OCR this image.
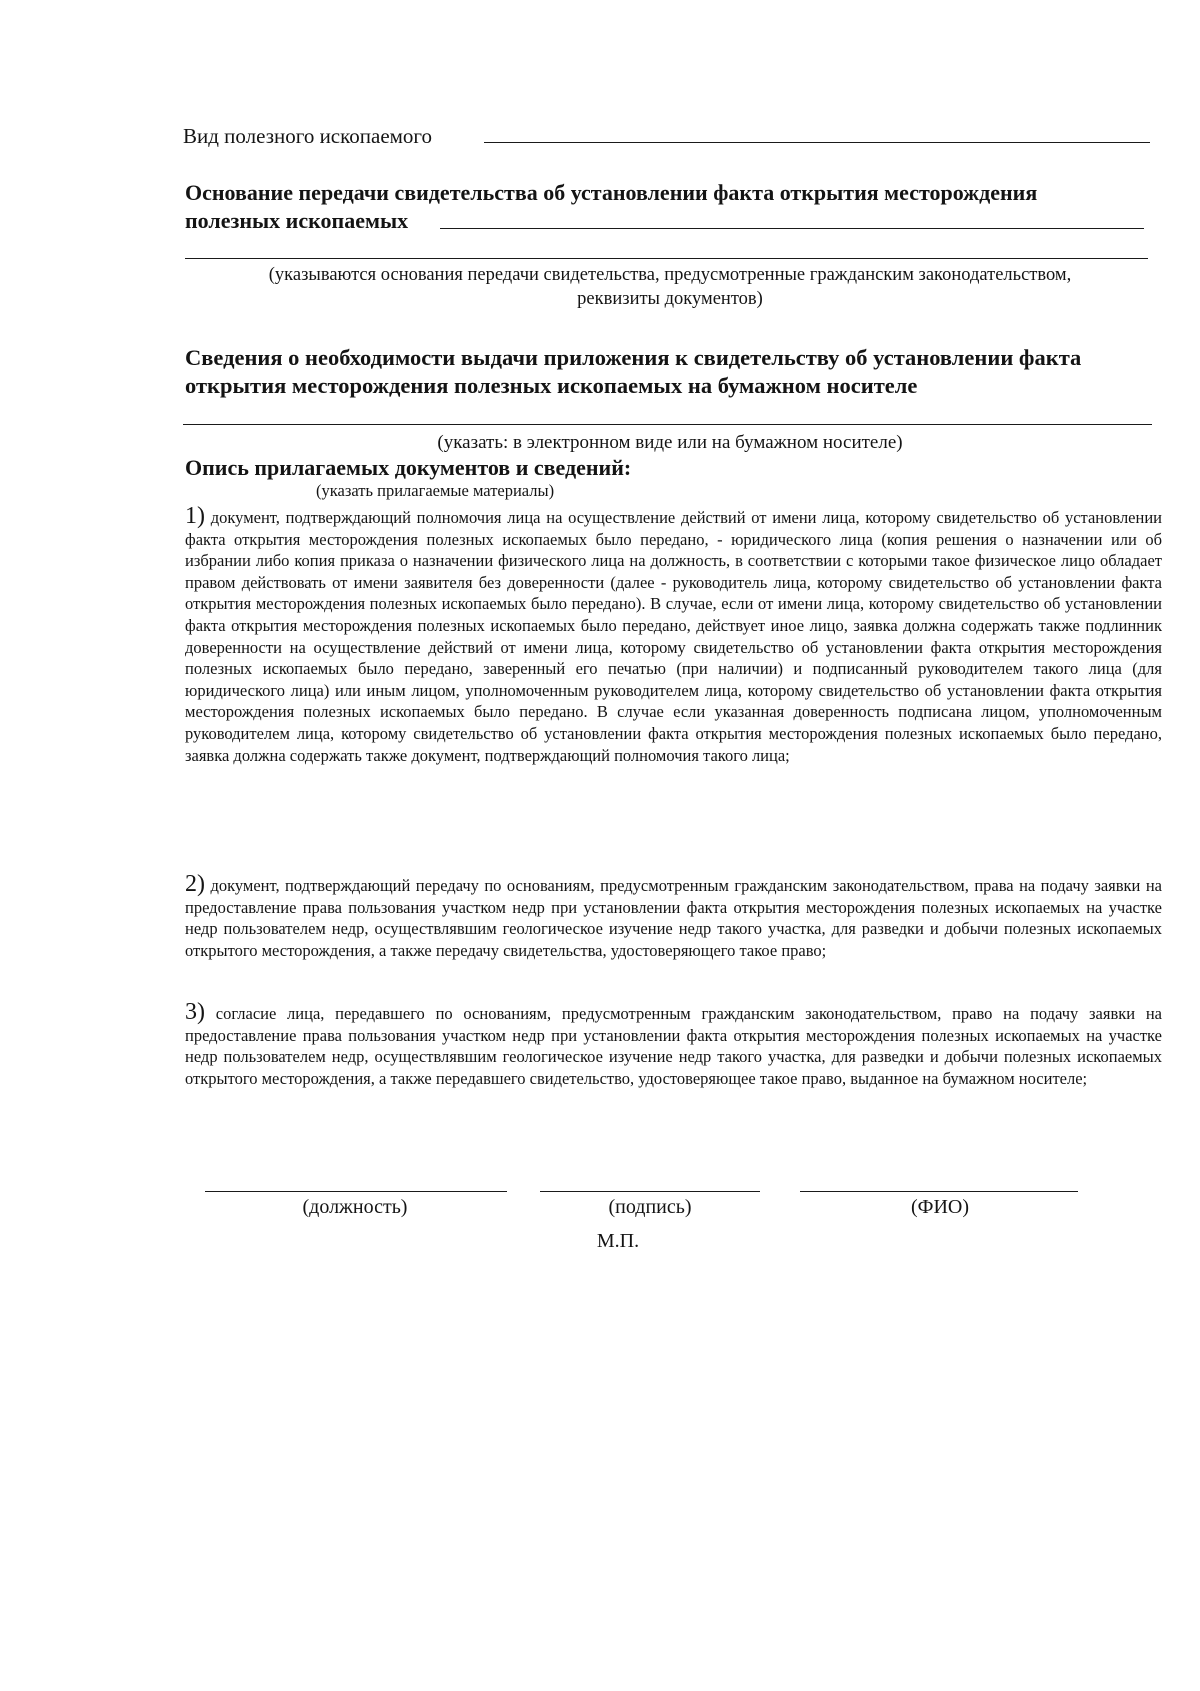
Вид полезного ископаемого
Основание передачи свидетельства об установлении факта открытия месторождения
полезных ископаемых
(указываются основания передачи свидетельства, предусмотренные гражданским законодательством,
реквизиты документов)
Сведения о необходимости выдачи приложения к свидетельству об установлении факта
открытия месторождения полезных ископаемых на бумажном носителе
(указать: в электронном виде или на бумажном носителе)
Опись прилагаемых документов и сведений:
(указать прилагаемые материалы)
1) документ, подтверждающий полномочия лица на осуществление действий от имени лица, которому свидетельство об установлении факта открытия месторождения полезных ископаемых было передано, - юридического лица (копия решения о назначении или об избрании либо копия приказа о назначении физического лица на должность, в соответствии с которыми такое физическое лицо обладает правом действовать от имени заявителя без доверенности (далее - руководитель лица, которому свидетельство об установлении факта открытия месторождения полезных ископаемых было передано). В случае, если от имени лица, которому свидетельство об установлении факта открытия месторождения полезных ископаемых было передано, действует иное лицо, заявка должна содержать также подлинник доверенности на осуществление действий от имени лица, которому свидетельство об установлении факта открытия месторождения полезных ископаемых было передано, заверенный его печатью (при наличии) и подписанный руководителем такого лица (для юридического лица) или иным лицом, уполномоченным руководителем лица, которому свидетельство об установлении факта открытия месторождения полезных ископаемых было передано. В случае если указанная доверенность подписана лицом, уполномоченным руководителем лица, которому свидетельство об установлении факта открытия месторождения полезных ископаемых было передано, заявка должна содержать также документ, подтверждающий полномочия такого лица;
2) документ, подтверждающий передачу по основаниям, предусмотренным гражданским законодательством, права на подачу заявки на предоставление права пользования участком недр при установлении факта открытия месторождения полезных ископаемых на участке недр пользователем недр, осуществлявшим геологическое изучение недр такого участка, для разведки и добычи полезных ископаемых открытого месторождения, а также передачу свидетельства, удостоверяющего такое право;
3) согласие лица, передавшего по основаниям, предусмотренным гражданским законодательством, право на подачу заявки на предоставление права пользования участком недр при установлении факта открытия месторождения полезных ископаемых на участке недр пользователем недр, осуществлявшим геологическое изучение недр такого участка, для разведки и добычи полезных ископаемых открытого месторождения, а также передавшего свидетельство, удостоверяющее такое право, выданное на бумажном носителе;
(должность)	(подпись)	(ФИО)
М.П.
